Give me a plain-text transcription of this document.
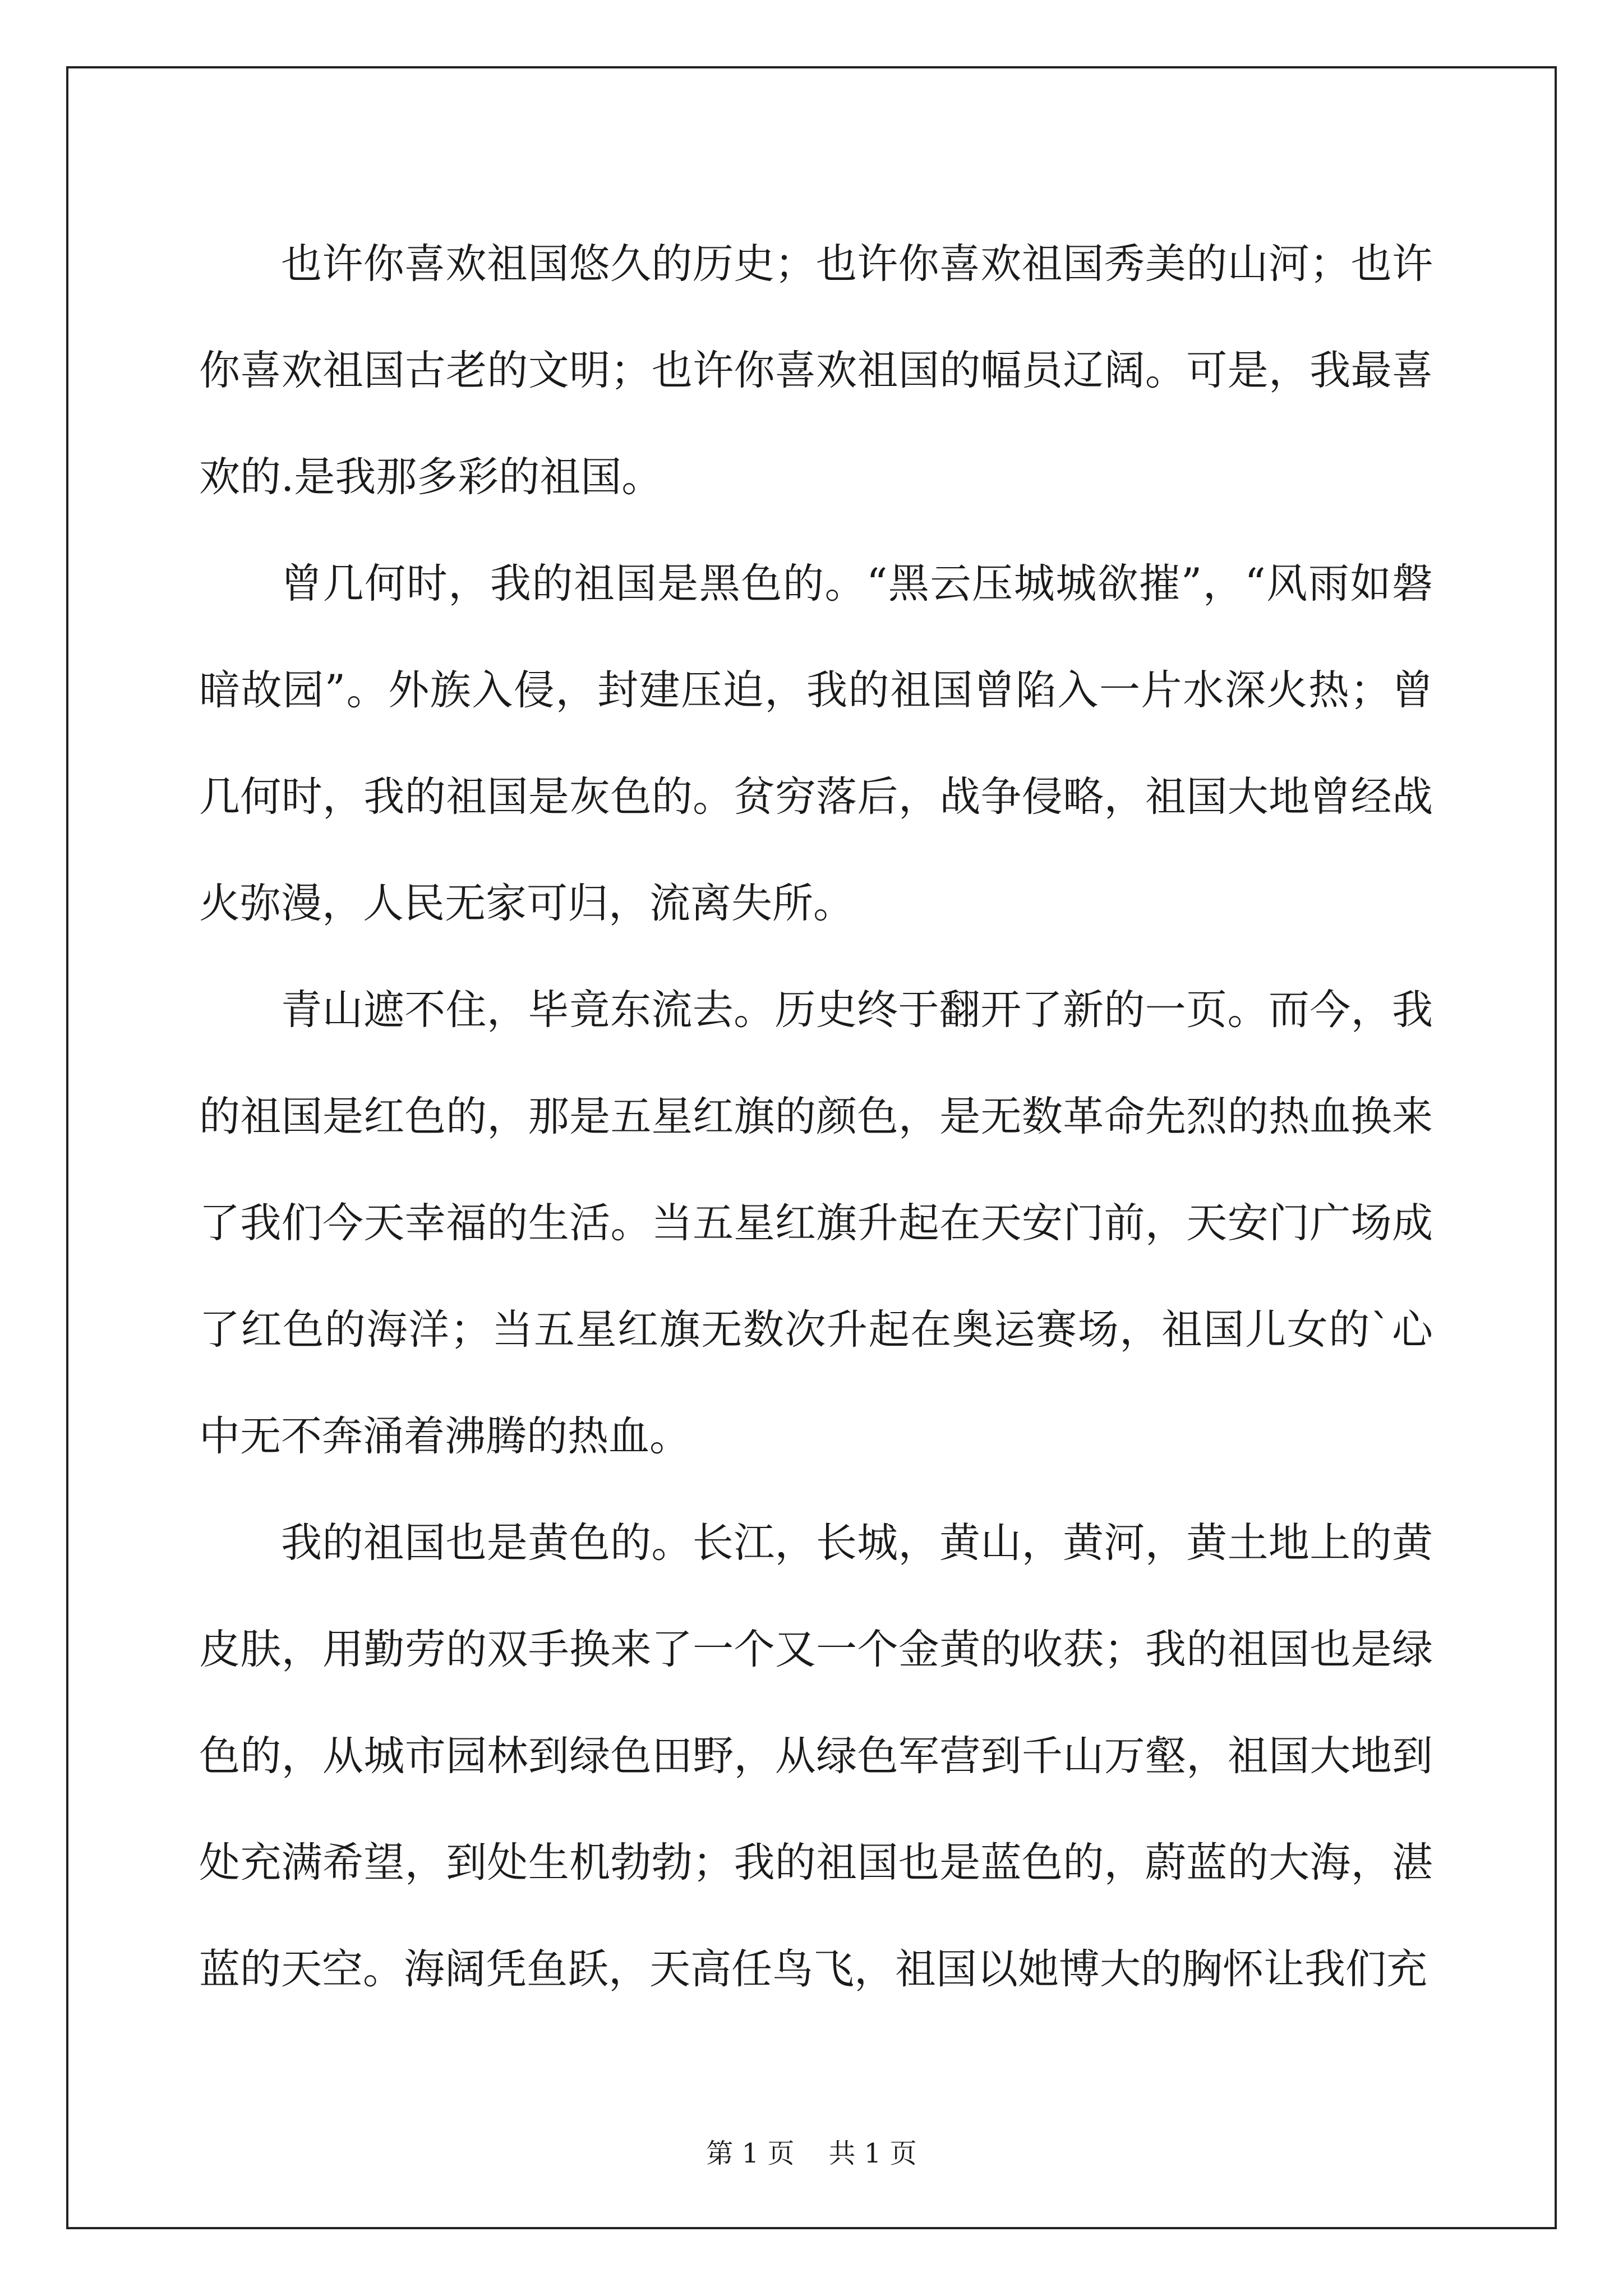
也许你喜欢祖国悠久的历史；也许你喜欢祖国秀美的山河；也许你喜欢祖国古老的文明；也许你喜欢祖国的幅员辽阔。可是，我最喜欢的.是我那多彩的祖国。

曾几何时，我的祖国是黑色的。“黑云压城城欲摧”，“风雨如磐暗故园”。外族入侵，封建压迫，我的祖国曾陷入一片水深火热；曾几何时，我的祖国是灰色的。贫穷落后，战争侵略，祖国大地曾经战火弥漫，人民无家可归，流离失所。

青山遮不住，毕竟东流去。历史终于翻开了新的一页。而今，我的祖国是红色的，那是五星红旗的颜色，是无数革命先烈的热血换来了我们今天幸福的生活。当五星红旗升起在天安门前，天安门广场成了红色的海洋；当五星红旗无数次升起在奥运赛场，祖国儿女的`心中无不奔涌着沸腾的热血。

我的祖国也是黄色的。长江，长城，黄山，黄河，黄土地上的黄皮肤，用勤劳的双手换来了一个又一个金黄的收获；我的祖国也是绿色的，从城市园林到绿色田野，从绿色军营到千山万壑，祖国大地到处充满希望，到处生机勃勃；我的祖国也是蓝色的，蔚蓝的大海，湛蓝的天空。海阔凭鱼跃，天高任鸟飞，祖国以她博大的胸怀让我们充

第 1 页    共 1 页
